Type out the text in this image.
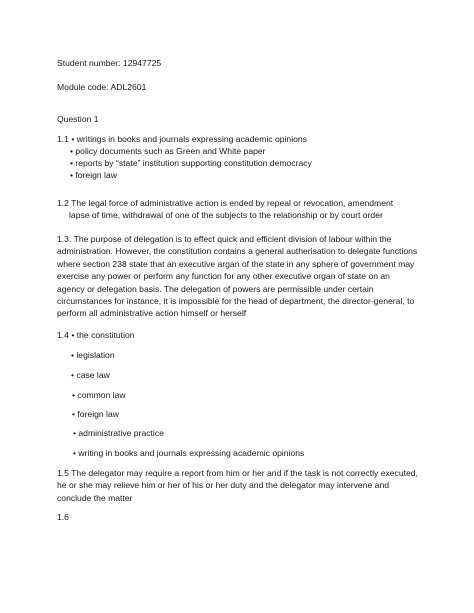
Student number: 12947725
Module code: ADL2601
Question 1
1.1 • writings in books and journals expressing academic opinions
• policy documents such as Green and White paper
• reports by “state” institution supporting constitution democracy
• foreign law
1.2 The legal force of administrative action is ended by repeal or revocation, amendment
lapse of time, withdrawal of one of the subjects to the relationship or by court order
1.3. The purpose of delegation is to effect quick and efficient division of labour within the administration. However, the constitution contains a general autherisation to delegate functions where section 238 state that an executive argan of the state in any sphere of government may exercise any power or perform any function for any other executive organ of state on an agency or delegation basis. The delegation of powers are permissible under certain circumstances for instance, it is impossible for the head of department, the director-general, to perform all administrative action himself or herself
1.4 • the constitution
• legislation
• case law
• common law
• foreign law
• administrative practice
• writing in books and journals expressing academic opinions
1.5 The delegator may require a report from him or her and if the task is not correctly executed, he or she may relieve him or her of his or her duty and the delegator may intervene and conclude the matter
1.6
